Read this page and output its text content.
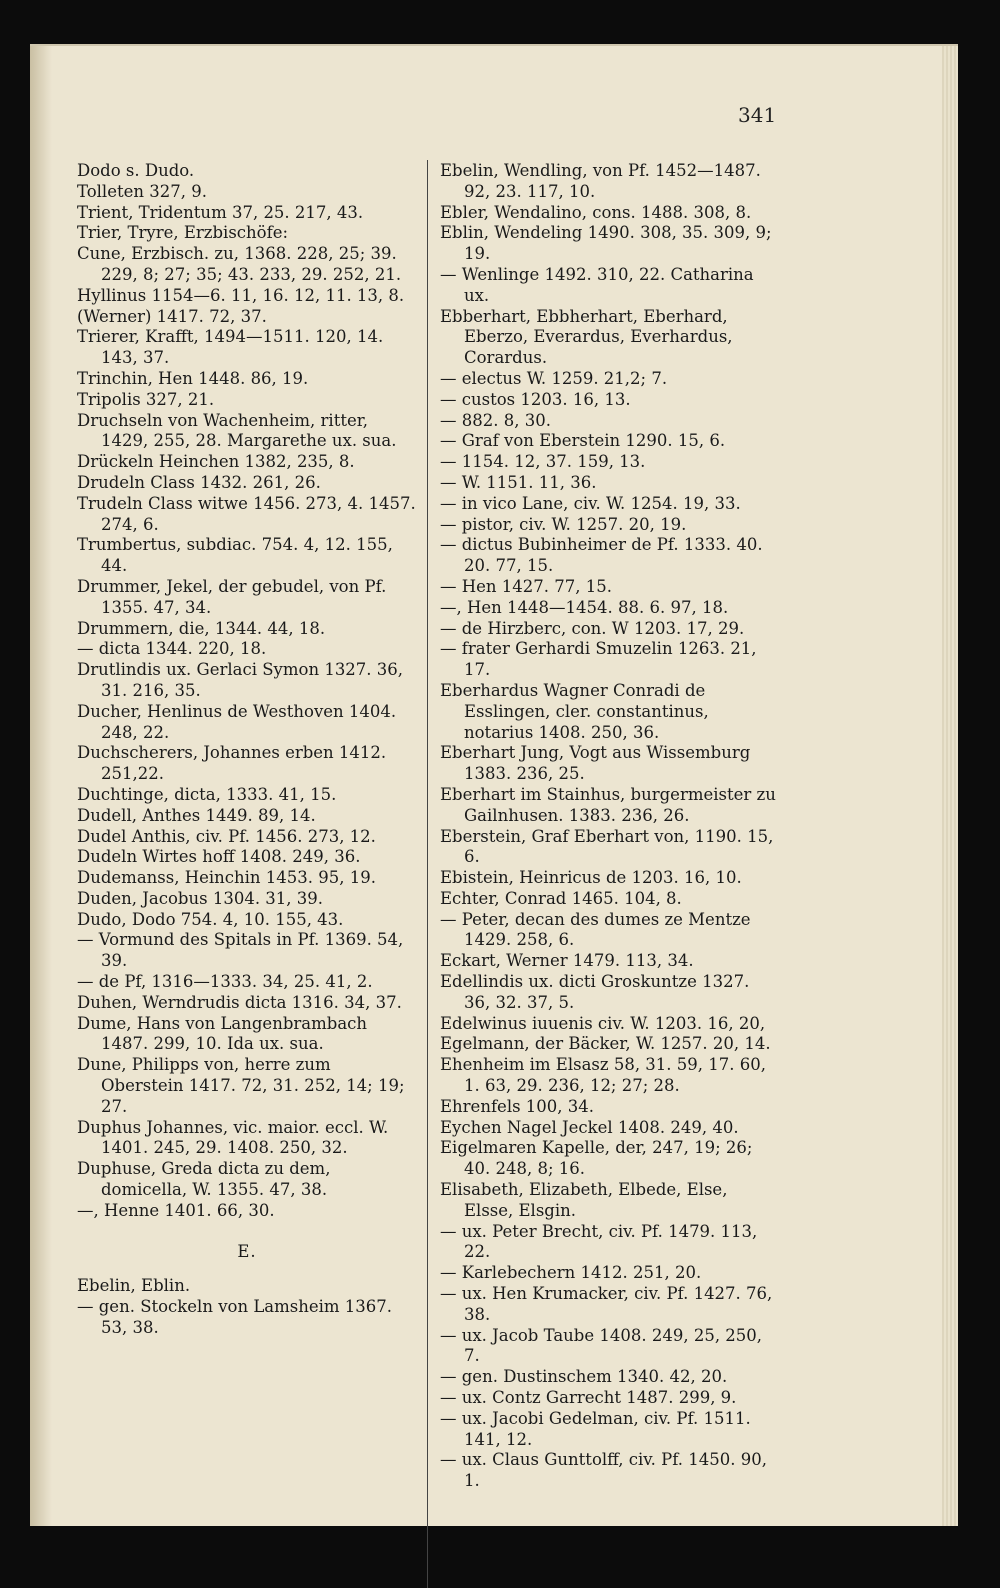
341
Dodo s. Dudo.
Tolleten 327, 9.
Trient, Tridentum 37, 25. 217, 43.
Trier, Tryre, Erzbischöfe:
Cune, Erzbisch. zu, 1368. 228, 25; 39. 229, 8; 27; 35; 43. 233, 29. 252, 21.
Hyllinus 1154—6. 11, 16. 12, 11. 13, 8.
(Werner) 1417. 72, 37.
Trierer, Krafft, 1494—1511. 120, 14. 143, 37.
Trinchin, Hen 1448. 86, 19.
Tripolis 327, 21.
Druchseln von Wachenheim, ritter, 1429, 255, 28. Margarethe ux. sua.
Drückeln Heinchen 1382, 235, 8.
Drudeln Class 1432. 261, 26.
Trudeln Class witwe 1456. 273, 4. 1457. 274, 6.
Trumbertus, subdiac. 754. 4, 12. 155, 44.
Drummer, Jekel, der gebudel, von Pf. 1355. 47, 34.
Drummern, die, 1344. 44, 18.
— dicta 1344. 220, 18.
Drutlindis ux. Gerlaci Symon 1327. 36, 31. 216, 35.
Ducher, Henlinus de Westhoven 1404. 248, 22.
Duchscherers, Johannes erben 1412. 251,22.
Duchtinge, dicta, 1333. 41, 15.
Dudell, Anthes 1449. 89, 14.
Dudel Anthis, civ. Pf. 1456. 273, 12.
Dudeln Wirtes hoff 1408. 249, 36.
Dudemanss, Heinchin 1453. 95, 19.
Duden, Jacobus 1304. 31, 39.
Dudo, Dodo 754. 4, 10. 155, 43.
— Vormund des Spitals in Pf. 1369. 54, 39.
— de Pf, 1316—1333. 34, 25. 41, 2.
Duhen, Werndrudis dicta 1316. 34, 37.
Dume, Hans von Langenbrambach 1487. 299, 10. Ida ux. sua.
Dune, Philipps von, herre zum Oberstein 1417. 72, 31. 252, 14; 19; 27.
Duphus Johannes, vic. maior. eccl. W. 1401. 245, 29. 1408. 250, 32.
Duphuse, Greda dicta zu dem, domicella, W. 1355. 47, 38.
—, Henne 1401. 66, 30.
E.
Ebelin, Eblin.
— gen. Stockeln von Lamsheim 1367. 53, 38.
Ebelin, Wendling, von Pf. 1452—1487. 92, 23. 117, 10.
Ebler, Wendalino, cons. 1488. 308, 8.
Eblin, Wendeling 1490. 308, 35. 309, 9; 19.
— Wenlinge 1492. 310, 22. Catharina ux.
Ebberhart, Ebbherhart, Eberhard, Eberzo, Everardus, Everhardus, Corardus.
— electus W. 1259. 21,2; 7.
— custos 1203. 16, 13.
— 882. 8, 30.
— Graf von Eberstein 1290. 15, 6.
— 1154. 12, 37. 159, 13.
— W. 1151. 11, 36.
— in vico Lane, civ. W. 1254. 19, 33.
— pistor, civ. W. 1257. 20, 19.
— dictus Bubinheimer de Pf. 1333. 40. 20. 77, 15.
— Hen 1427. 77, 15.
—, Hen 1448—1454. 88. 6. 97, 18.
— de Hirzberc, con. W 1203. 17, 29.
— frater Gerhardi Smuzelin 1263. 21, 17.
Eberhardus Wagner Conradi de Esslingen, cler. constantinus, notarius 1408. 250, 36.
Eberhart Jung, Vogt aus Wissemburg 1383. 236, 25.
Eberhart im Stainhus, burgermeister zu Gailnhusen. 1383. 236, 26.
Eberstein, Graf Eberhart von, 1190. 15, 6.
Ebistein, Heinricus de 1203. 16, 10.
Echter, Conrad 1465. 104, 8.
— Peter, decan des dumes ze Mentze 1429. 258, 6.
Eckart, Werner 1479. 113, 34.
Edellindis ux. dicti Groskuntze 1327. 36, 32. 37, 5.
Edelwinus iuuenis civ. W. 1203. 16, 20,
Egelmann, der Bäcker, W. 1257. 20, 14.
Ehenheim im Elsasz 58, 31. 59, 17. 60, 1. 63, 29. 236, 12; 27; 28.
Ehrenfels 100, 34.
Eychen Nagel Jeckel 1408. 249, 40.
Eigelmaren Kapelle, der, 247, 19; 26; 40. 248, 8; 16.
Elisabeth, Elizabeth, Elbede, Else, Elsse, Elsgin.
— ux. Peter Brecht, civ. Pf. 1479. 113, 22.
— Karlebechern 1412. 251, 20.
— ux. Hen Krumacker, civ. Pf. 1427. 76, 38.
— ux. Jacob Taube 1408. 249, 25, 250, 7.
— gen. Dustinschem 1340. 42, 20.
— ux. Contz Garrecht 1487. 299, 9.
— ux. Jacobi Gedelman, civ. Pf. 1511. 141, 12.
— ux. Claus Gunttolff, civ. Pf. 1450. 90, 1.
